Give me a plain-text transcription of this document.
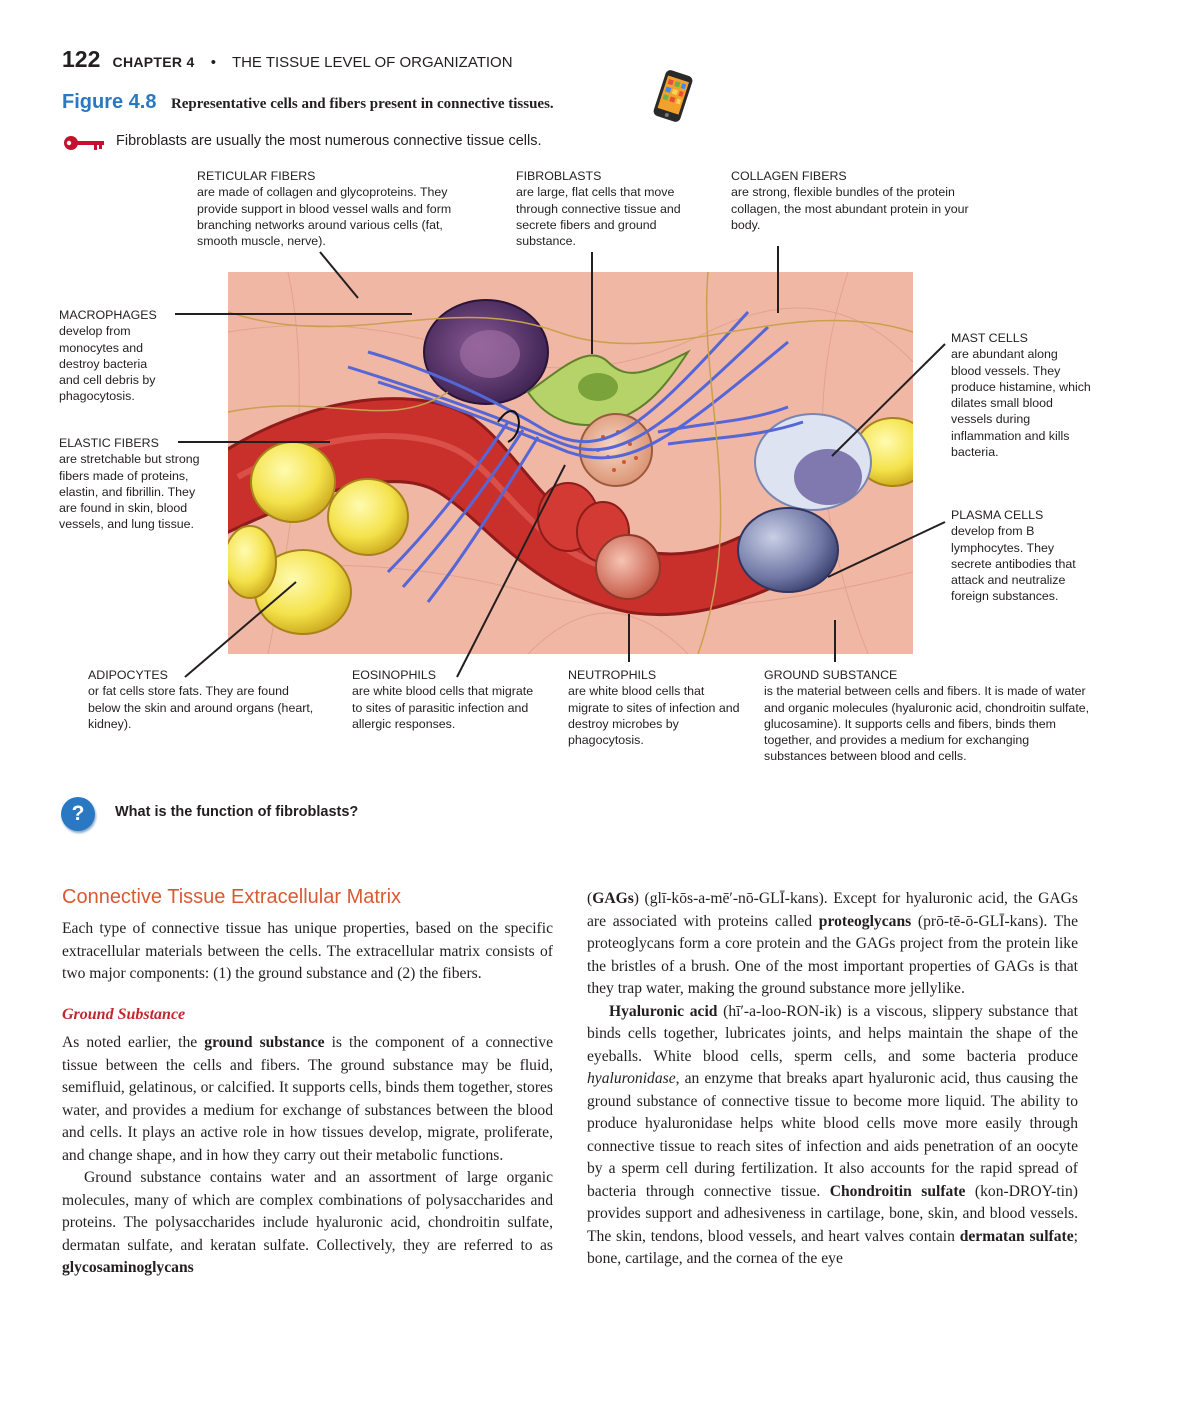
122 CHAPTER 4 • THE TISSUE LEVEL OF ORGANIZATION
Figure 4.8 Representative cells and fibers present in connective tissues.
Fibroblasts are usually the most numerous connective tissue cells.
RETICULAR FIBERS
are made of collagen and glycoproteins. They provide support in blood vessel walls and form branching networks around various cells (fat, smooth muscle, nerve).
FIBROBLASTS
are large, flat cells that move through connective tissue and secrete fibers and ground substance.
COLLAGEN FIBERS
are strong, flexible bundles of the protein collagen, the most abundant protein in your body.
MACROPHAGES
develop from monocytes and destroy bacteria and cell debris by phagocytosis.
ELASTIC FIBERS
are stretchable but strong fibers made of proteins, elastin, and fibrillin. They are found in skin, blood vessels, and lung tissue.
MAST CELLS
are abundant along blood vessels. They produce histamine, which dilates small blood vessels during inflammation and kills bacteria.
PLASMA CELLS
develop from B lymphocytes. They secrete antibodies that attack and neutralize foreign substances.
ADIPOCYTES
or fat cells store fats. They are found below the skin and around organs (heart, kidney).
EOSINOPHILS
are white blood cells that migrate to sites of parasitic infection and allergic responses.
NEUTROPHILS
are white blood cells that migrate to sites of infection and destroy microbes by phagocytosis.
GROUND SUBSTANCE
is the material between cells and fibers. It is made of water and organic molecules (hyaluronic acid, chondroitin sulfate, glucosamine). It supports cells and fibers, binds them together, and provides a medium for exchanging substances between blood and cells.
?	What is the function of fibroblasts?
Connective Tissue Extracellular Matrix

Each type of connective tissue has unique properties, based on the specific extracellular materials between the cells. The extracellular matrix consists of two major components: (1) the ground substance and (2) the fibers.

Ground Substance

As noted earlier, the ground substance is the component of a connective tissue between the cells and fibers. The ground substance may be fluid, semifluid, gelatinous, or calcified. It supports cells, binds them together, stores water, and provides a medium for exchange of substances between the blood and cells. It plays an active role in how tissues develop, migrate, proliferate, and change shape, and in how they carry out their metabolic functions.

Ground substance contains water and an assortment of large organic molecules, many of which are complex combinations of polysaccharides and proteins. The polysaccharides include hyaluronic acid, chondroitin sulfate, dermatan sulfate, and keratan sulfate. Collectively, they are referred to as glycosaminoglycans

(GAGs) (glī-kōs-a-mē′-nō-GLĪ-kans). Except for hyaluronic acid, the GAGs are associated with proteins called proteoglycans (prō-tē-ō-GLĪ-kans). The proteoglycans form a core protein and the GAGs project from the protein like the bristles of a brush. One of the most important properties of GAGs is that they trap water, making the ground substance more jellylike.

Hyaluronic acid (hī′-a-loo-RON-ik) is a viscous, slippery substance that binds cells together, lubricates joints, and helps maintain the shape of the eyeballs. White blood cells, sperm cells, and some bacteria produce hyaluronidase, an enzyme that breaks apart hyaluronic acid, thus causing the ground substance of connective tissue to become more liquid. The ability to produce hyaluronidase helps white blood cells move more easily through connective tissue to reach sites of infection and aids penetration of an oocyte by a sperm cell during fertilization. It also accounts for the rapid spread of bacteria through connective tissue. Chondroitin sulfate (kon-DROY-tin) provides support and adhesiveness in cartilage, bone, skin, and blood vessels. The skin, tendons, blood vessels, and heart valves contain dermatan sulfate; bone, cartilage, and the cornea of the eye
